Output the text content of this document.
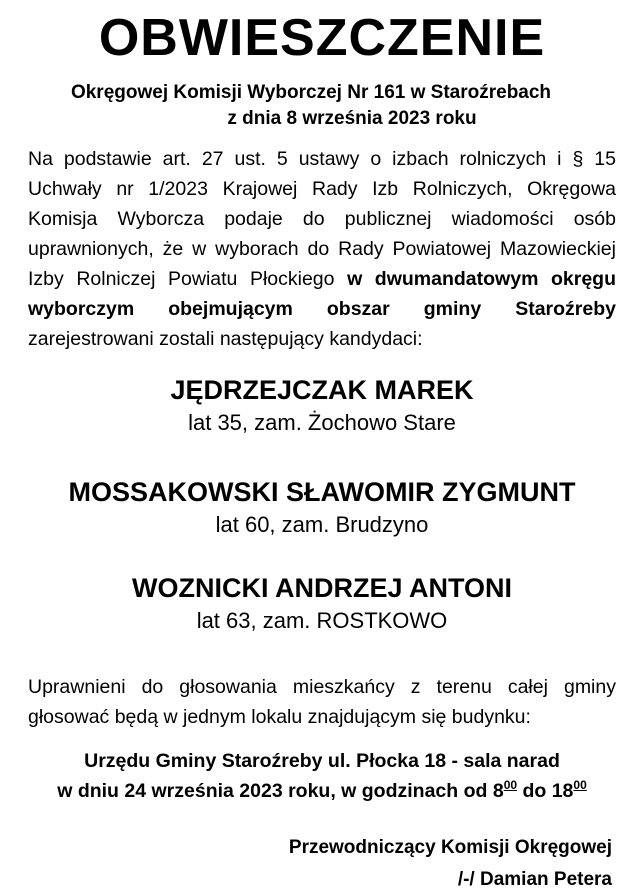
OBWIESZCZENIE
Okręgowej Komisji Wyborczej Nr 161 w Staroźrebach
z dnia 8 września 2023 roku

Na podstawie art. 27 ust. 5 ustawy o izbach rolniczych i § 15 Uchwały nr 1/2023 Krajowej Rady Izb Rolniczych, Okręgowa Komisja Wyborcza podaje do publicznej wiadomości osób uprawnionych, że w wyborach do Rady Powiatowej Mazowieckiej Izby Rolniczej Powiatu Płockiego w dwumandatowym okręgu wyborczym obejmującym obszar gminy Staroźreby zarejestrowani zostali następujący kandydaci:

JĘDRZEJCZAK MAREK
lat 35, zam. Żochowo Stare
MOSSAKOWSKI SŁAWOMIR ZYGMUNT
lat 60, zam. Brudzyno
WOZNICKI ANDRZEJ ANTONI
lat 63, zam. ROSTKOWO

Uprawnieni do głosowania mieszkańcy z terenu całej gminy głosować będą w jednym lokalu znajdującym się budynku:

Urzędu Gminy Staroźreby ul. Płocka 18 - sala narad
w dniu 24 września 2023 roku, w godzinach od $8^{00}$ do $18^{00}$
Przewodniczący Komisji Okręgowej
/-/ Damian Petera
